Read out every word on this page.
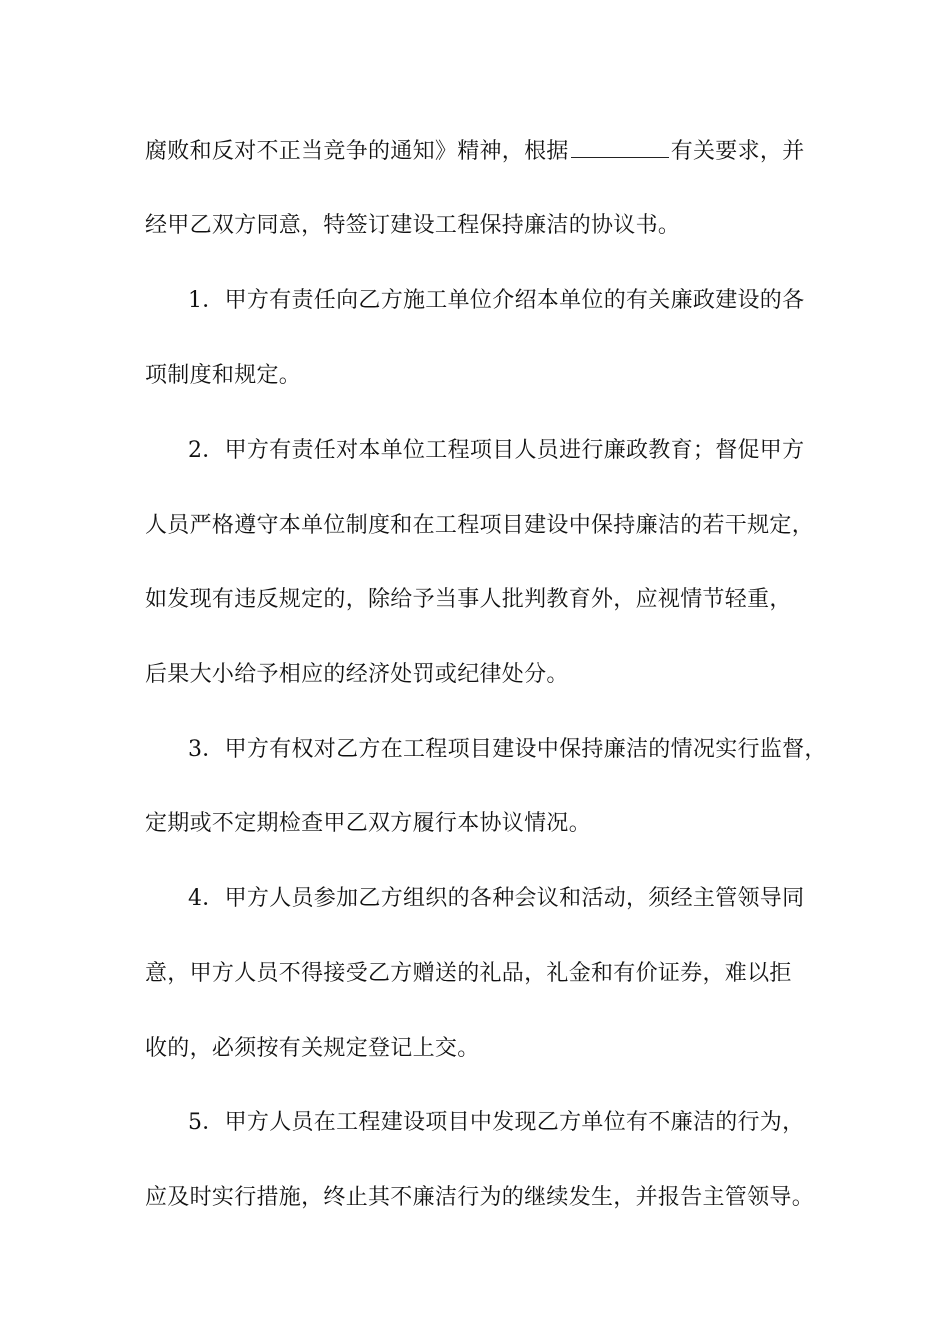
腐败和反对不正当竞争的通知》精神，根据	有关要求，并
经甲乙双方同意，特签订建设工程保持廉洁的协议书。
1．甲方有责任向乙方施工单位介绍本单位的有关廉政建设的各
项制度和规定。
2．甲方有责任对本单位工程项目人员进行廉政教育；督促甲方
人员严格遵守本单位制度和在工程项目建设中保持廉洁的若干规定，
如发现有违反规定的，除给予当事人批判教育外，应视情节轻重，
后果大小给予相应的经济处罚或纪律处分。
3．甲方有权对乙方在工程项目建设中保持廉洁的情况实行监督，
定期或不定期检查甲乙双方履行本协议情况。
4．甲方人员参加乙方组织的各种会议和活动，须经主管领导同
意，甲方人员不得接受乙方赠送的礼品，礼金和有价证券，难以拒
收的，必须按有关规定登记上交。
5．甲方人员在工程建设项目中发现乙方单位有不廉洁的行为，
应及时实行措施，终止其不廉洁行为的继续发生，并报告主管领导。
